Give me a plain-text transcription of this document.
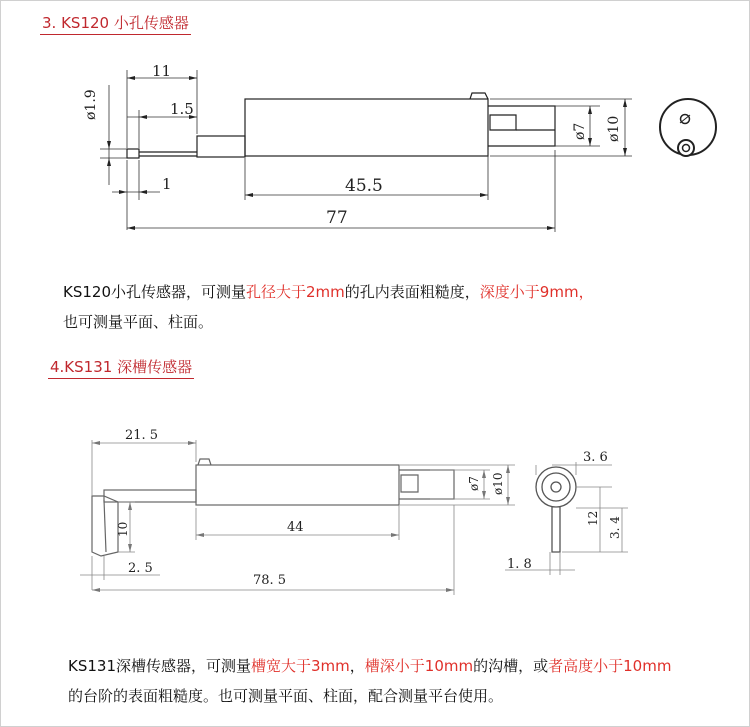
3. KS120 小孔传感器
11
1.5
1	45.5
77
ø1.9
ø7 ø10
KS120小孔传感器，可测量孔径大于2mm的孔内表面粗糙度，深度小于9mm，
也可测量平面、柱面。
4.KS131 深槽传感器
21. 5
44
2. 5
78. 5
3. 6
1. 8
10
ø7 ø10
12 3. 4
KS131深槽传感器，可测量槽宽大于3mm，槽深小于10mm的沟槽，或者高度小于10mm
的台阶的表面粗糙度。也可测量平面、柱面，配合测量平台使用。
